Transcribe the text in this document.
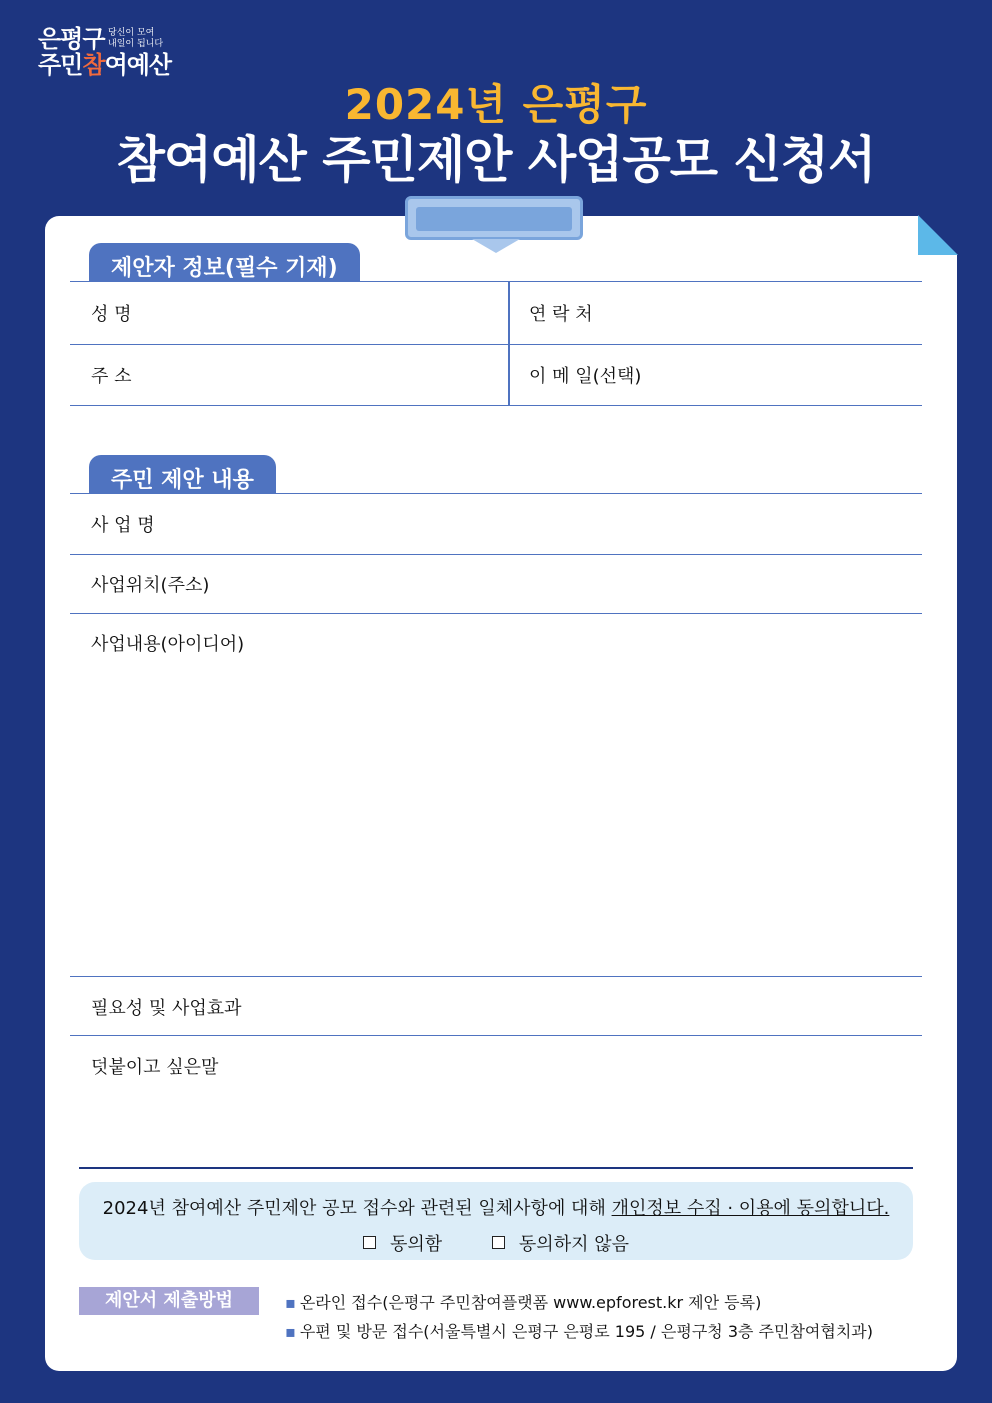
은평구 당신이 모여
내일이 됩니다
주민참여예산
2024년 은평구
참여예산 주민제안 사업공모 신청서
제안자 정보(필수 기재)
성 명	연 락 처
주 소	이 메 일(선택)
주민 제안 내용
사 업 명
사업위치(주소)
사업내용(아이디어)
필요성 및 사업효과
덧붙이고 싶은말
2024년 참여예산 주민제안 공모 접수와 관련된 일체사항에 대해 개인정보 수집 · 이용에 동의합니다.
동의함	동의하지 않음
제안서 제출방법	▪ 온라인 접수(은평구 주민참여플랫폼 www.epforest.kr 제안 등록)
▪ 우편 및 방문 접수(서울특별시 은평구 은평로 195 / 은평구청 3층 주민참여협치과)
